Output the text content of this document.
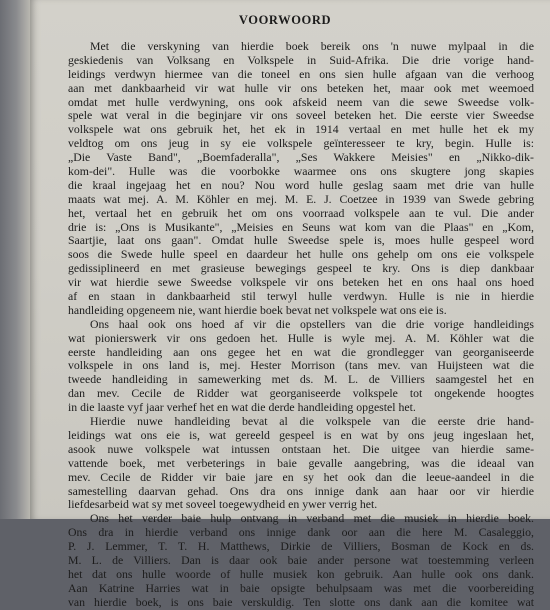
VOORWOORD
Met die verskyning van hierdie boek bereik ons 'n nuwe mylpaal in die
geskiedenis van Volksang en Volkspele in Suid-Afrika. Die drie vorige hand-
leidings verdwyn hiermee van die toneel en ons sien hulle afgaan van die verhoog
aan met dankbaarheid vir wat hulle vir ons beteken het, maar ook met weemoed
omdat met hulle verdwyning, ons ook afskeid neem van die sewe Sweedse volk-
spele wat veral in die beginjare vir ons soveel beteken het. Die eerste vier Sweedse
volkspele wat ons gebruik het, het ek in 1914 vertaal en met hulle het ek my
veldtog om ons jeug in sy eie volkspele geïnteresseer te kry, begin. Hulle is:
„Die Vaste Band", „Boemfaderalla", „Ses Wakkere Meisies" en „Nikko-dik-
kom-dei". Hulle was die voorbokke waarmee ons ons skugtere jong skapies
die kraal ingejaag het en nou? Nou word hulle geslag saam met drie van hulle
maats wat mej. A. M. Köhler en mej. M. E. J. Coetzee in 1939 van Swede gebring
het, vertaal het en gebruik het om ons voorraad volkspele aan te vul. Die ander
drie is: „Ons is Musikante", „Meisies en Seuns wat kom van die Plaas" en „Kom,
Saartjie, laat ons gaan". Omdat hulle Sweedse spele is, moes hulle gespeel word
soos die Swede hulle speel en daardeur het hulle ons gehelp om ons eie volkspele
gedissiplineerd en met grasieuse bewegings gespeel te kry. Ons is diep dankbaar
vir wat hierdie sewe Sweedse volkspele vir ons beteken het en ons haal ons hoed
af en staan in dankbaarheid stil terwyl hulle verdwyn. Hulle is nie in hierdie
handleiding opgeneem nie, want hierdie boek bevat net volkspele wat ons eie is.
Ons haal ook ons hoed af vir die opstellers van die drie vorige handleidings
wat pionierswerk vir ons gedoen het. Hulle is wyle mej. A. M. Köhler wat die
eerste handleiding aan ons gegee het en wat die grondlegger van georganiseerde
volkspele in ons land is, mej. Hester Morrison (tans mev. van Huijsteen wat die
tweede handleiding in samewerking met ds. M. L. de Villiers saamgestel het en
dan mev. Cecile de Ridder wat georganiseerde volkspele tot ongekende hoogtes
in die laaste vyf jaar verhef het en wat die derde handleiding opgestel het.
Hierdie nuwe handleiding bevat al die volkspele van die eerste drie hand-
leidings wat ons eie is, wat gereeld gespeel is en wat by ons jeug ingeslaan het,
asook nuwe volkspele wat intussen ontstaan het. Die uitgee van hierdie same-
vattende boek, met verbeterings in baie gevalle aangebring, was die ideaal van
mev. Cecile de Ridder vir baie jare en sy het ook dan die leeue-aandeel in die
samestelling daarvan gehad. Ons dra ons innige dank aan haar oor vir hierdie
liefdesarbeid wat sy met soveel toegewydheid en ywer verrig het.
Ons het verder baie hulp ontvang in verband met die musiek in hierdie boek.
Ons dra in hierdie verband ons innige dank oor aan die here M. Casaleggio,
P. J. Lemmer, T. T. H. Matthews, Dirkie de Villiers, Bosman de Kock en ds.
M. L. de Villiers. Dan is daar ook baie ander persone wat toestemming verleen
het dat ons hulle woorde of hulle musiek kon gebruik. Aan hulle ook ons dank.
Aan Katrine Harries wat in baie opsigte behulpsaam was met die voorbereiding
van hierdie boek, is ons baie verskuldig. Ten slotte ons dank aan die komitee wat
